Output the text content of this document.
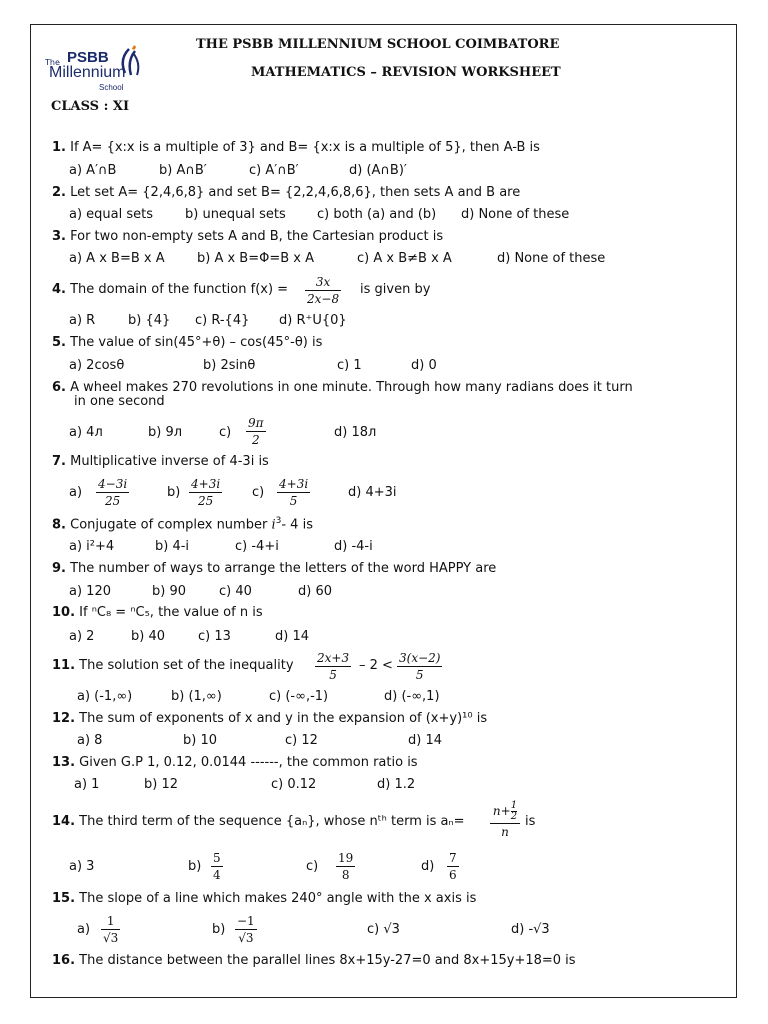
The PSBB
Millennium
School
THE PSBB MILLENNIUM SCHOOL COIMBATORE
MATHEMATICS – REVISION WORKSHEET
CLASS : XI
1. If A= {x:x is a multiple of 3} and B= {x:x is a multiple of 5}, then A-B is
a) A′∩B	b) A∩B′	c) A′∩B′	d) (A∩B)′
2. Let set A= {2,4,6,8} and set B= {2,2,4,6,8,6}, then sets A and B are
a) equal sets b) unequal sets c) both (a) and (b) d) None of these
3. For two non-empty sets A and B, the Cartesian product is
a) A x B=B x A b) A x B=Φ=B x A	c) A x B≠B x A	d) None of these
4. The domain of the function f(x) =	3x
2x−8
is given by
a) R	b) {4} c) R-{4} d) R⁺U{0}
5. The value of sin(45°+θ) – cos(45°-θ) is
a) 2cosθ	b) 2sinθ	c) 1	d) 0
6. A wheel makes 270 revolutions in one minute. Through how many radians does it turn
in one second
a) 4л	b) 9л	c)
9π
2	d) 18л
7. Multiplicative inverse of 4-3i is
a)
4−3i
25
b)
4+3i
25
c)
4+3i
5
d) 4+3i
8. Conjugate of complex number $i^3-$ 4 is
a) i²+4	b) 4-i	c) -4+i	d) -4-i
9. The number of ways to arrange the letters of the word HAPPY are
a) 120	b) 90	c) 40	d) 60
10. If ⁿC₈ = ⁿC₅, the value of n is
a) 2	b) 40	c) 13	d) 14
11. The solution set of the inequality 2x+3
5
– 2 < 3(x−2)
5
a) (-1,∞)	b) (1,∞)	c) (-∞,-1)	d) (-∞,1)
12. The sum of exponents of x and y in the expansion of (x+y)¹⁰ is
a) 8	b) 10	c) 12	d) 14
13. Given G.P 1, 0.12, 0.0144 ------, the common ratio is
a) 1	b) 12	c) 0.12	d) 1.2
14. The third term of the sequence {aₙ}, whose nᵗʰ term is aₙ=
$n+ \frac{1}{2}$
n
is
a) 3	b)
5
4
c)
19
8
d)
7
6
15. The slope of a line which makes 240° angle with the x axis is
a)
1
√3
b)
−1
√3
c) √3	d) -√3
16. The distance between the parallel lines 8x+15y-27=0 and 8x+15y+18=0 is
